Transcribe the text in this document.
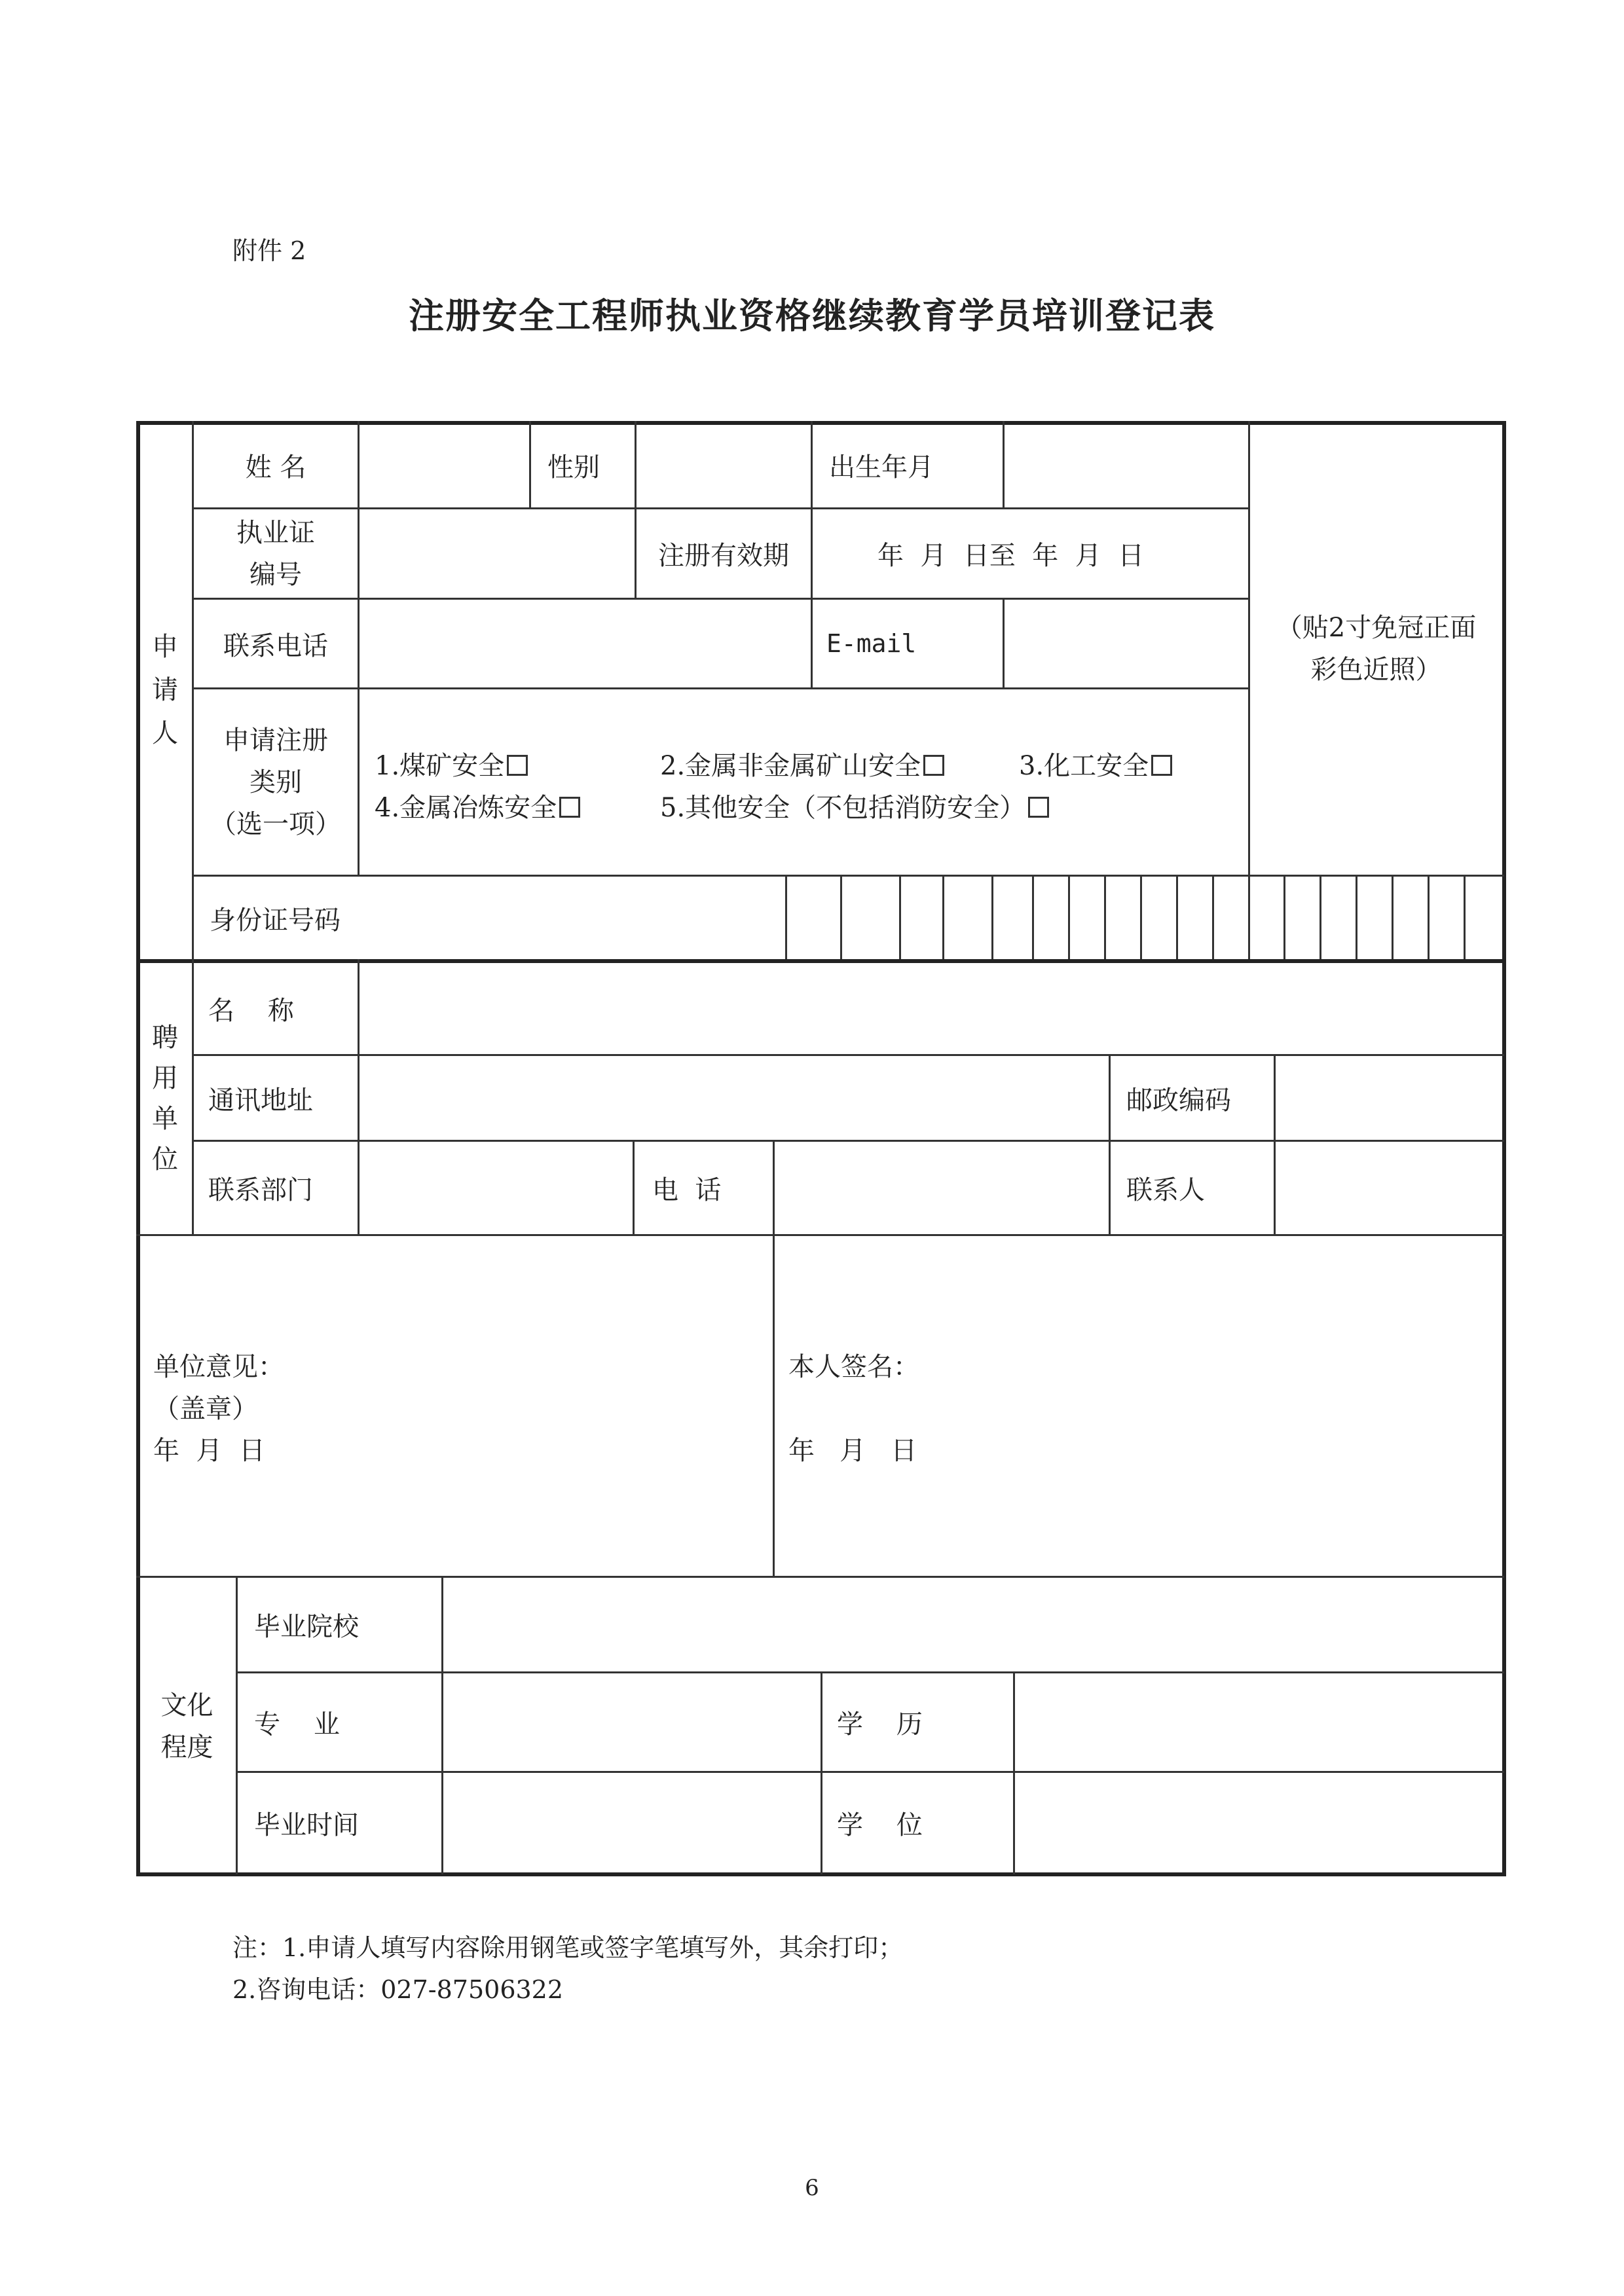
附件 2
注册安全工程师执业资格继续教育学员培训登记表
申
请
人
姓 名	性别	出生年月
执业证
编号
注册有效期	年  月  日至  年  月  日
联系电话	E-mail
（贴2寸免冠正面
彩色近照）
申请注册
类别
（选一项）
1.煤矿安全	2.金属非金属矿山安全	3.化工安全
4.金属冶炼安全	5.其他安全（不包括消防安全）
身份证号码
聘
用
单
位
名    称
通讯地址	邮政编码
联系部门	电  话	联系人
单位意见：
（盖章）
年  月  日
本人签名：
年   月   日
文化
程度
毕业院校
专    业	学    历
毕业时间	学    位
注：1.申请人填写内容除用钢笔或签字笔填写外，其余打印；
2.咨询电话：027-87506322
6
